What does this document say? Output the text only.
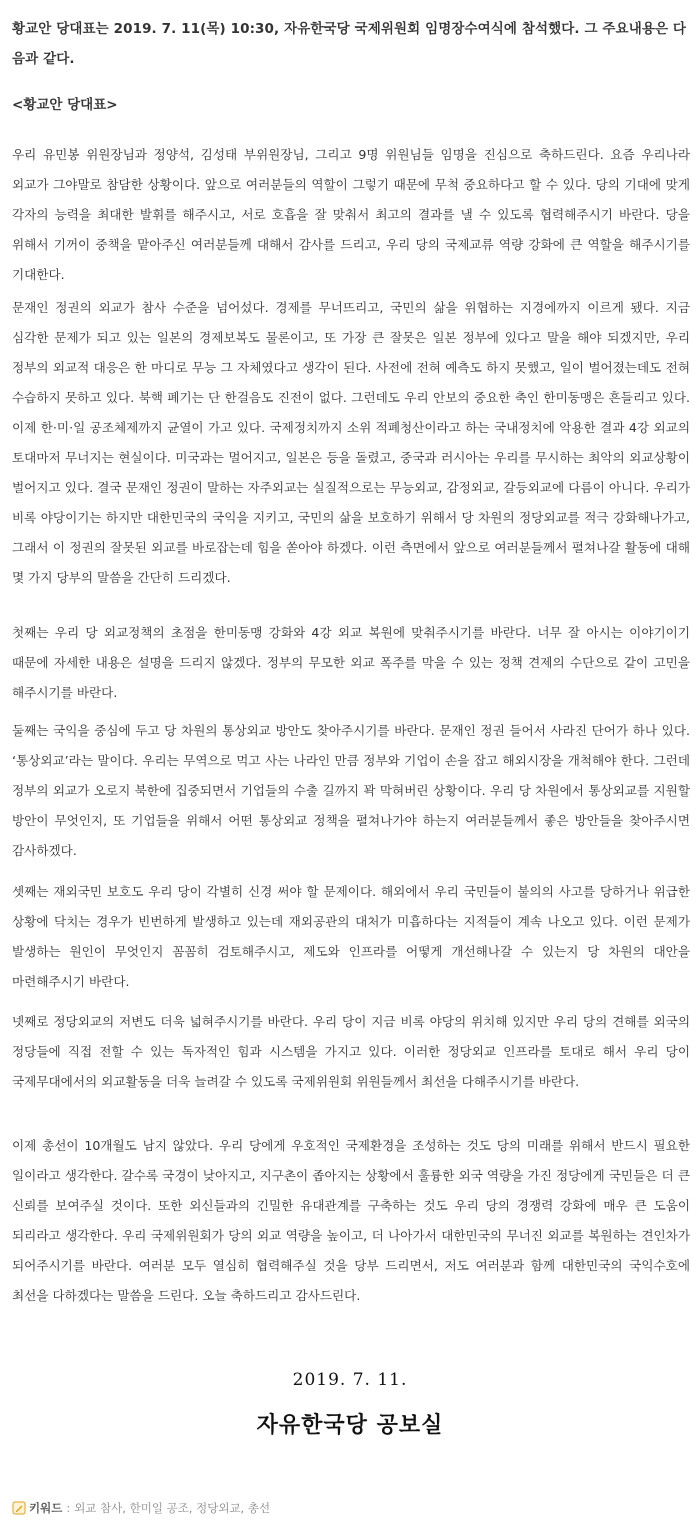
황교안 당대표는 2019. 7. 11(목) 10:30, 자유한국당 국제위원회 임명장수여식에 참석했다. 그 주요내용은 다음과 같다.
<황교안 당대표>
우리 유민봉 위원장님과 정양석, 김성태 부위원장님, 그리고 9명 위원님들 임명을 진심으로 축하드린다. 요즘 우리나라 외교가 그야말로 참담한 상황이다. 앞으로 여러분들의 역할이 그렇기 때문에 무척 중요하다고 할 수 있다. 당의 기대에 맞게 각자의 능력을 최대한 발휘를 해주시고, 서로 호흡을 잘 맞춰서 최고의 결과를 낼 수 있도록 협력해주시기 바란다. 당을 위해서 기꺼이 중책을 맡아주신 여러분들께 대해서 감사를 드리고, 우리 당의 국제교류 역량 강화에 큰 역할을 해주시기를 기대한다.
문재인 정권의 외교가 참사 수준을 넘어섰다. 경제를 무너뜨리고, 국민의 삶을 위협하는 지경에까지 이르게 됐다. 지금 심각한 문제가 되고 있는 일본의 경제보복도 물론이고, 또 가장 큰 잘못은 일본 정부에 있다고 말을 해야 되겠지만, 우리 정부의 외교적 대응은 한 마디로 무능 그 자체였다고 생각이 된다. 사전에 전혀 예측도 하지 못했고, 일이 벌어졌는데도 전혀 수습하지 못하고 있다. 북핵 폐기는 단 한걸음도 진전이 없다. 그런데도 우리 안보의 중요한 축인 한미동맹은 흔들리고 있다. 이제 한·미·일 공조체제까지 균열이 가고 있다. 국제정치까지 소위 적폐청산이라고 하는 국내정치에 악용한 결과 4강 외교의 토대마저 무너지는 현실이다. 미국과는 멀어지고, 일본은 등을 돌렸고, 중국과 러시아는 우리를 무시하는 최악의 외교상황이 벌어지고 있다. 결국 문재인 정권이 말하는 자주외교는 실질적으로는 무능외교, 감정외교, 갈등외교에 다름이 아니다. 우리가 비록 야당이기는 하지만 대한민국의 국익을 지키고, 국민의 삶을 보호하기 위해서 당 차원의 정당외교를 적극 강화해나가고, 그래서 이 정권의 잘못된 외교를 바로잡는데 힘을 쏟아야 하겠다. 이런 측면에서 앞으로 여러분들께서 펼쳐나갈 활동에 대해 몇 가지 당부의 말씀을 간단히 드리겠다.
첫째는 우리 당 외교정책의 초점을 한미동맹 강화와 4강 외교 복원에 맞춰주시기를 바란다. 너무 잘 아시는 이야기이기 때문에 자세한 내용은 설명을 드리지 않겠다. 정부의 무모한 외교 폭주를 막을 수 있는 정책 견제의 수단으로 같이 고민을 해주시기를 바란다.
둘째는 국익을 중심에 두고 당 차원의 통상외교 방안도 찾아주시기를 바란다. 문재인 정권 들어서 사라진 단어가 하나 있다. ‘통상외교’라는 말이다. 우리는 무역으로 먹고 사는 나라인 만큼 정부와 기업이 손을 잡고 해외시장을 개척해야 한다. 그런데 정부의 외교가 오로지 북한에 집중되면서 기업들의 수출 길까지 꽉 막혀버린 상황이다. 우리 당 차원에서 통상외교를 지원할 방안이 무엇인지, 또 기업들을 위해서 어떤 통상외교 정책을 펼쳐나가야 하는지 여러분들께서 좋은 방안들을 찾아주시면 감사하겠다.
셋째는 재외국민 보호도 우리 당이 각별히 신경 써야 할 문제이다. 해외에서 우리 국민들이 불의의 사고를 당하거나 위급한 상황에 닥치는 경우가 빈번하게 발생하고 있는데 재외공관의 대처가 미흡하다는 지적들이 계속 나오고 있다. 이런 문제가 발생하는 원인이 무엇인지 꼼꼼히 검토해주시고, 제도와 인프라를 어떻게 개선해나갈 수 있는지 당 차원의 대안을 마련해주시기 바란다.
넷째로 정당외교의 저변도 더욱 넓혀주시기를 바란다. 우리 당이 지금 비록 야당의 위치해 있지만 우리 당의 견해를 외국의 정당들에 직접 전할 수 있는 독자적인 힘과 시스템을 가지고 있다. 이러한 정당외교 인프라를 토대로 해서 우리 당이 국제무대에서의 외교활동을 더욱 늘려갈 수 있도록 국제위원회 위원들께서 최선을 다해주시기를 바란다.
이제 총선이 10개월도 남지 않았다. 우리 당에게 우호적인 국제환경을 조성하는 것도 당의 미래를 위해서 반드시 필요한 일이라고 생각한다. 갈수록 국경이 낮아지고, 지구촌이 좁아지는 상황에서 훌륭한 외국 역량을 가진 정당에게 국민들은 더 큰 신뢰를 보여주실 것이다. 또한 외신들과의 긴밀한 유대관계를 구축하는 것도 우리 당의 경쟁력 강화에 매우 큰 도움이 되리라고 생각한다. 우리 국제위원회가 당의 외교 역량을 높이고, 더 나아가서 대한민국의 무너진 외교를 복원하는 견인차가 되어주시기를 바란다. 여러분 모두 열심히 협력해주실 것을 당부 드리면서, 저도 여러분과 함께 대한민국의 국익수호에 최선을 다하겠다는 말씀을 드린다. 오늘 축하드리고 감사드린다.
2019. 7. 11.
자유한국당 공보실
키워드 : 외교 참사, 한미일 공조, 정당외교, 총선
